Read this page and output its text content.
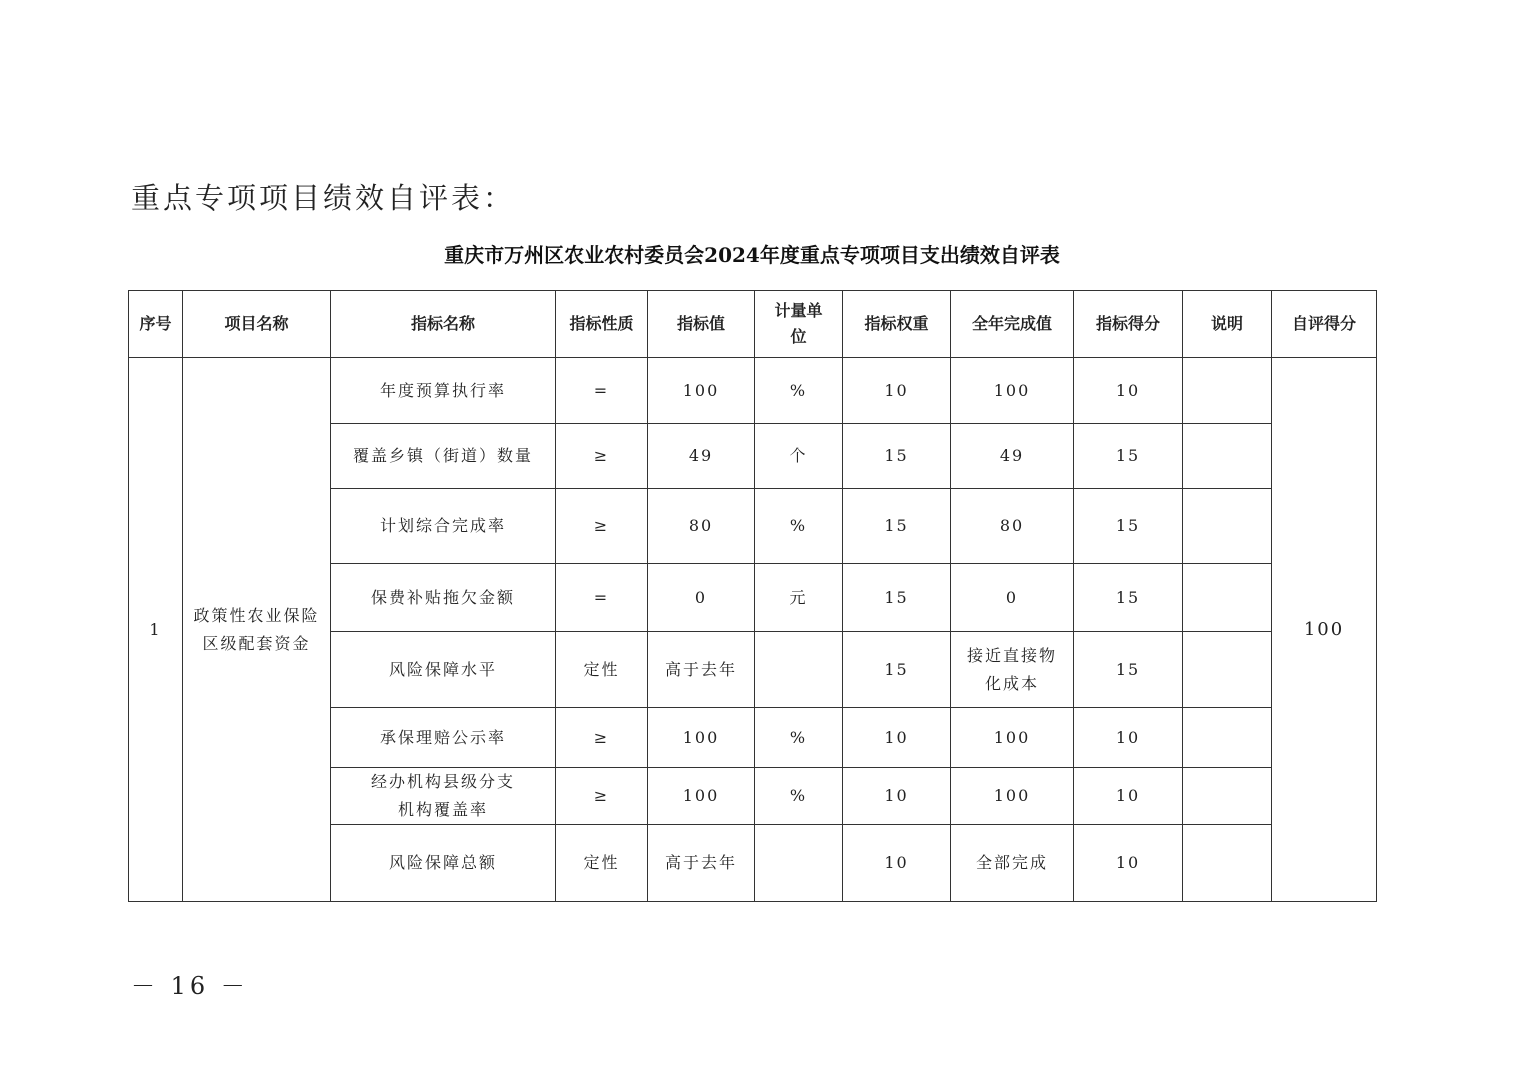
重点专项项目绩效自评表：
重庆市万州区农业农村委员会2024年度重点专项项目支出绩效自评表
序号	项目名称	指标名称	指标性质	指标值	计量单位	指标权重	全年完成值	指标得分	说明	自评得分
1	政策性农业保险区级配套资金	年度预算执行率	=	100	%	10	100	10		100
		覆盖乡镇（街道）数量	≥	49	个	15	49	15		
		计划综合完成率	≥	80	%	15	80	15		
		保费补贴拖欠金额	=	0	元	15	0	15		
		风险保障水平	定性	高于去年		15	接近直接物化成本	15		
		承保理赔公示率	≥	100	%	10	100	10		
		经办机构县级分支机构覆盖率	≥	100	%	10	100	10		
		风险保障总额	定性	高于去年		10	全部完成	10		
－ 16 －
